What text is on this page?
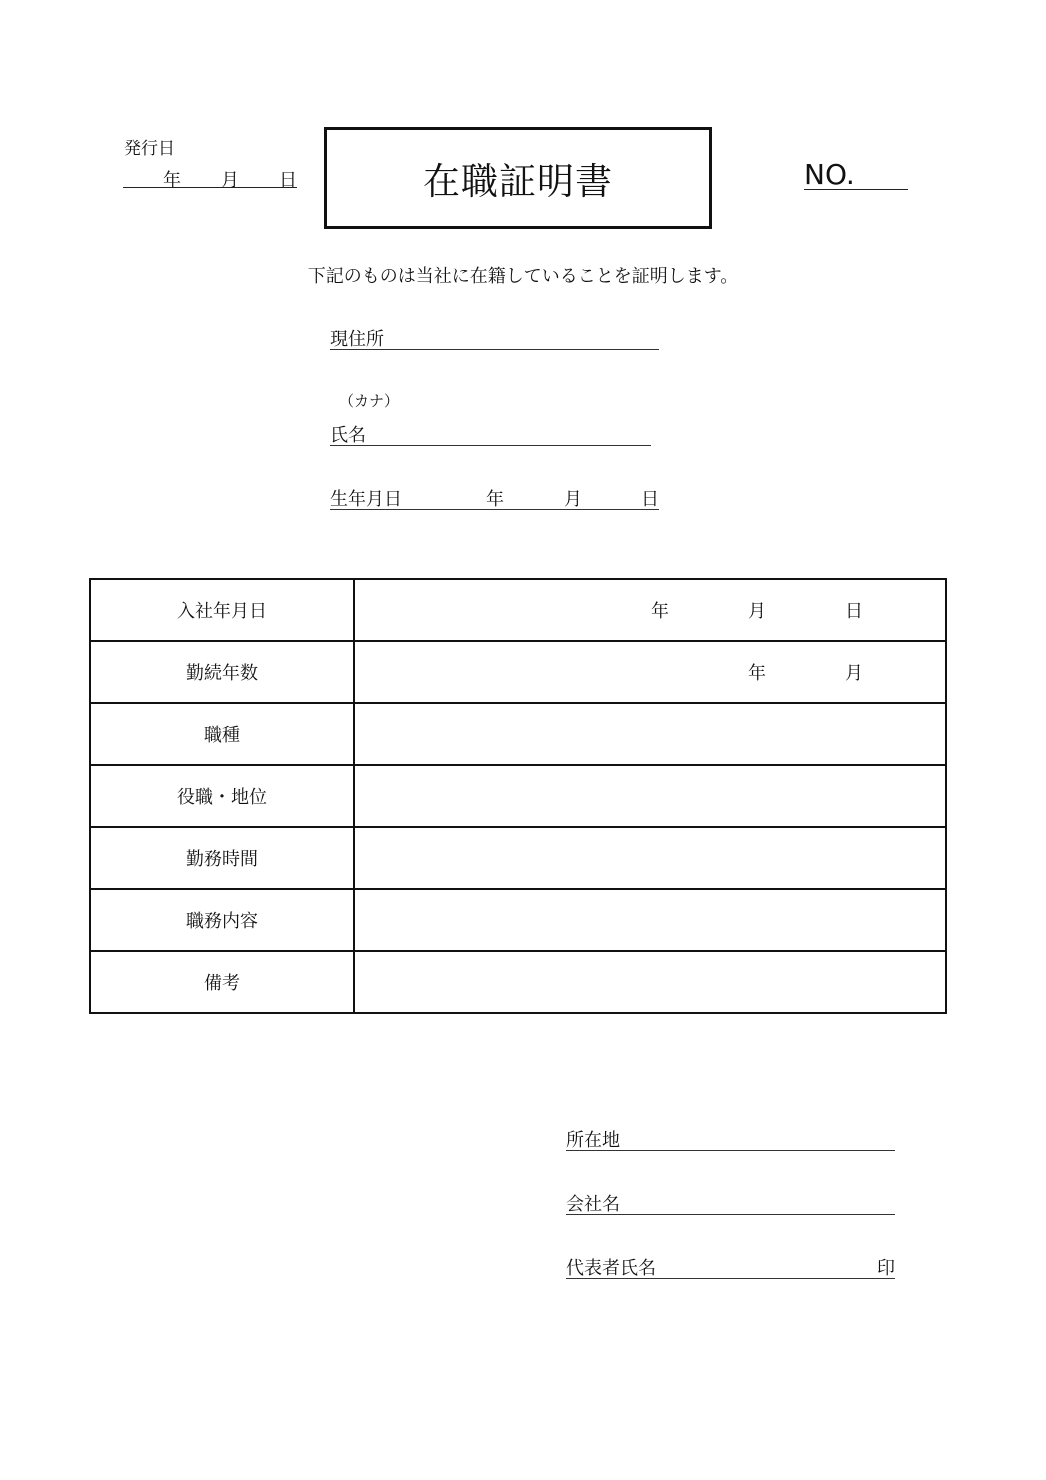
発行日
年 月 日	在職証明書	NO.
下記のものは当社に在籍していることを証明します。
現住所
（カナ）
氏名
生年月日	年	月	日
入社年月日	年 月 日

勤続年数	年 月

職種	
役職・地位	
勤務時間	
職務内容	
備考	
所在地
会社名
代表者氏名	印
